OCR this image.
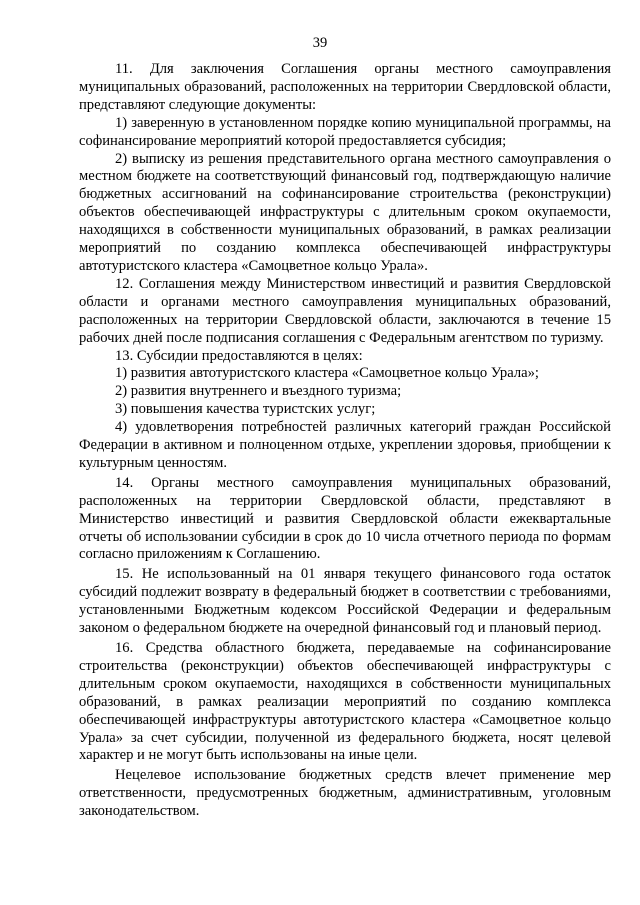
39

11. Для заключения Соглашения органы местного самоуправления муниципальных образований, расположенных на территории Свердловской области, представляют следующие документы:

1) заверенную в установленном порядке копию муниципальной программы, на софинансирование мероприятий которой предоставляется субсидия;

2) выписку из решения представительного органа местного самоуправления о местном бюджете на соответствующий финансовый год, подтверждающую наличие бюджетных ассигнований на софинансирование строительства (реконструкции) объектов обеспечивающей инфраструктуры с длительным сроком окупаемости, находящихся в собственности муниципальных образований, в рамках реализации мероприятий по созданию комплекса обеспечивающей инфраструктуры автотуристского кластера «Самоцветное кольцо Урала».

12. Соглашения между Министерством инвестиций и развития Свердловской области и органами местного самоуправления муниципальных образований, расположенных на территории Свердловской области, заключаются в течение 15 рабочих дней после подписания соглашения с Федеральным агентством по туризму.

13. Субсидии предоставляются в целях:

1) развития автотуристского кластера «Самоцветное кольцо Урала»;

2) развития внутреннего и въездного туризма;

3) повышения качества туристских услуг;

4) удовлетворения потребностей различных категорий граждан Российской Федерации в активном и полноценном отдыхе, укреплении здоровья, приобщении к культурным ценностям.

14. Органы местного самоуправления муниципальных образований, расположенных на территории Свердловской области, представляют в Министерство инвестиций и развития Свердловской области ежеквартальные отчеты об использовании субсидии в срок до 10 числа отчетного периода по формам согласно приложениям к Соглашению.

15. Не использованный на 01 января текущего финансового года остаток субсидий подлежит возврату в федеральный бюджет в соответствии с требованиями, установленными Бюджетным кодексом Российской Федерации и федеральным законом о федеральном бюджете на очередной финансовый год и плановый период.

16. Средства областного бюджета, передаваемые на софинансирование строительства (реконструкции) объектов обеспечивающей инфраструктуры с длительным сроком окупаемости, находящихся в собственности муниципальных образований, в рамках реализации мероприятий по созданию комплекса обеспечивающей инфраструктуры автотуристского кластера «Самоцветное кольцо Урала» за счет субсидии, полученной из федерального бюджета, носят целевой характер и не могут быть использованы на иные цели.

Нецелевое использование бюджетных средств влечет применение мер ответственности, предусмотренных бюджетным, административным, уголовным законодательством.
